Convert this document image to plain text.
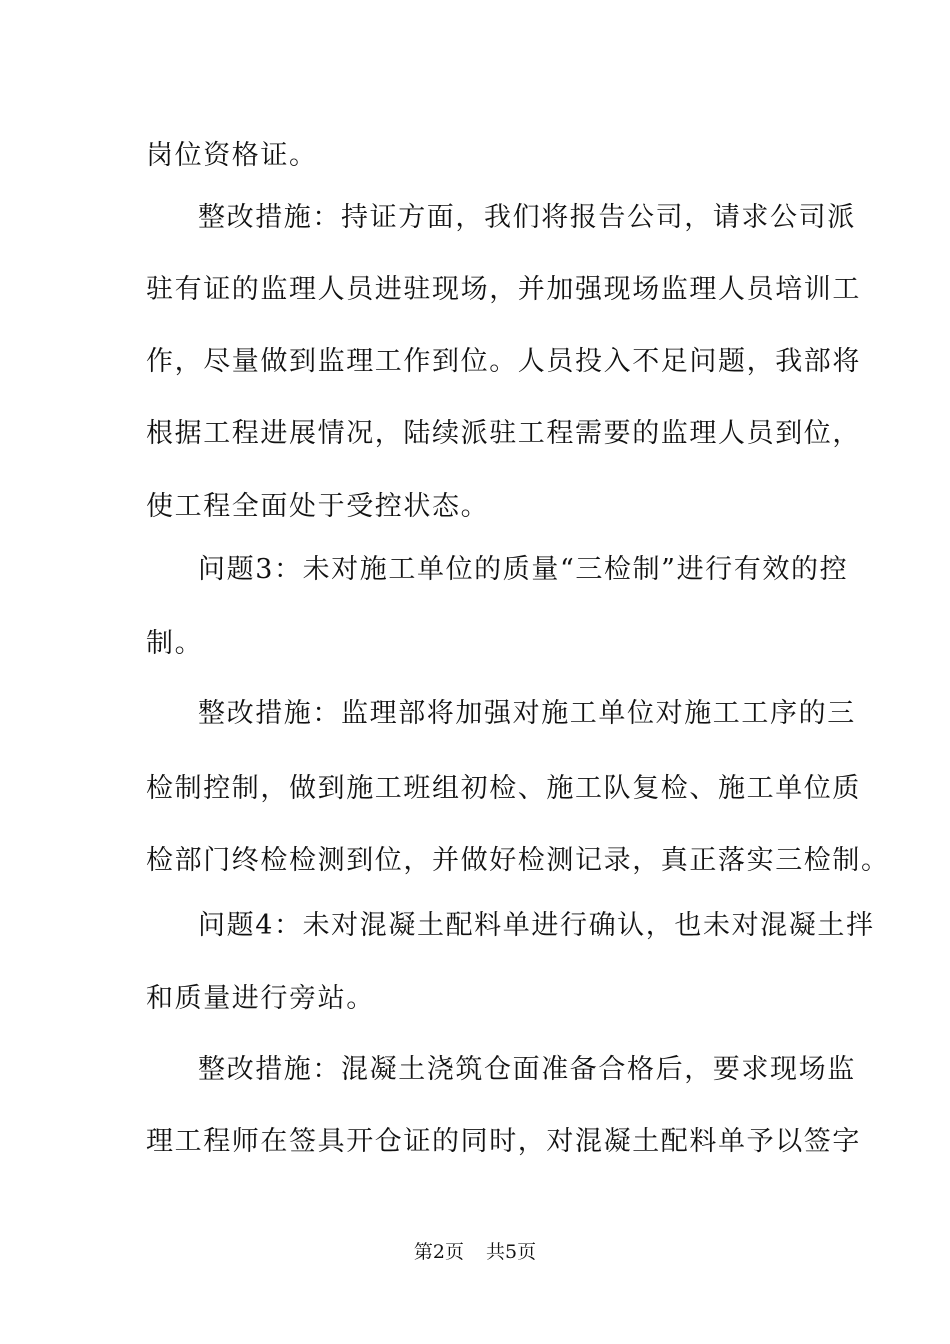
岗位资格证。
整改措施：持证方面，我们将报告公司，请求公司派
驻有证的监理人员进驻现场，并加强现场监理人员培训工
作，尽量做到监理工作到位。人员投入不足问题，我部将
根据工程进展情况，陆续派驻工程需要的监理人员到位，
使工程全面处于受控状态。
问题3：未对施工单位的质量“三检制”进行有效的控
制。
整改措施：监理部将加强对施工单位对施工工序的三
检制控制，做到施工班组初检、施工队复检、施工单位质
检部门终检检测到位，并做好检测记录，真正落实三检制。
问题4：未对混凝土配料单进行确认，也未对混凝土拌
和质量进行旁站。
整改措施：混凝土浇筑仓面准备合格后，要求现场监
理工程师在签具开仓证的同时，对混凝土配料单予以签字
第2页 共5页
